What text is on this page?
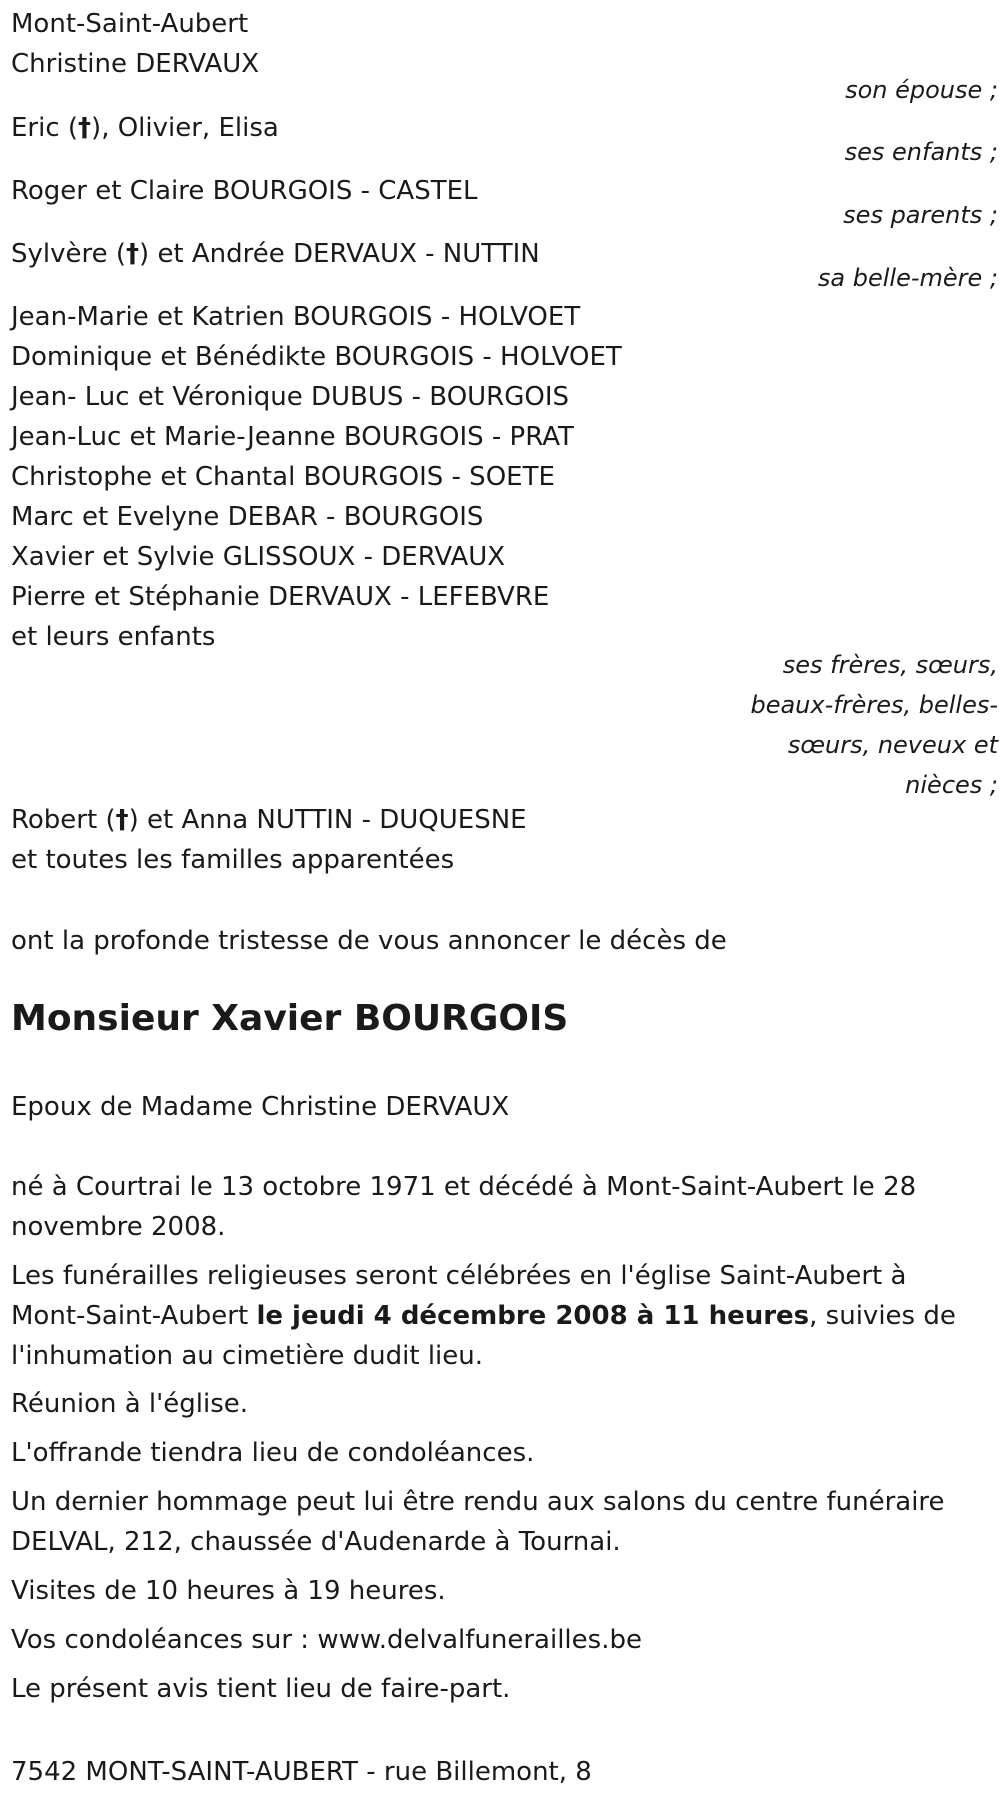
Mont-Saint-Aubert

Christine DERVAUX

son épouse ;

Eric (†), Olivier, Elisa

ses enfants ;

Roger et Claire BOURGOIS - CASTEL

ses parents ;

Sylvère (†) et Andrée DERVAUX - NUTTIN

sa belle-mère ;

Jean-Marie et Katrien BOURGOIS - HOLVOET

Dominique et Bénédikte BOURGOIS - HOLVOET

Jean- Luc et Véronique DUBUS - BOURGOIS

Jean-Luc et Marie-Jeanne BOURGOIS - PRAT

Christophe et Chantal BOURGOIS - SOETE

Marc et Evelyne DEBAR - BOURGOIS

Xavier et Sylvie GLISSOUX - DERVAUX

Pierre et Stéphanie DERVAUX - LEFEBVRE

et leurs enfants

ses frères, sœurs,
beaux-frères, belles-
sœurs, neveux et
nièces ;

Robert (†) et Anna NUTTIN - DUQUESNE

et toutes les familles apparentées

ont la profonde tristesse de vous annoncer le décès de

Monsieur Xavier BOURGOIS

Epoux de Madame Christine DERVAUX

né à Courtrai le 13 octobre 1971 et décédé à Mont-Saint-Aubert le 28 novembre 2008.
Les funérailles religieuses seront célébrées en l'église Saint-Aubert à Mont-Saint-Aubert le jeudi 4 décembre 2008 à 11 heures, suivies de l'inhumation au cimetière dudit lieu.
Réunion à l'église.
L'offrande tiendra lieu de condoléances.
Un dernier hommage peut lui être rendu aux salons du centre funéraire DELVAL, 212, chaussée d'Audenarde à Tournai.
Visites de 10 heures à 19 heures.
Vos condoléances sur : www.delvalfunerailles.be
Le présent avis tient lieu de faire-part.
7542 MONT-SAINT-AUBERT - rue Billemont, 8
